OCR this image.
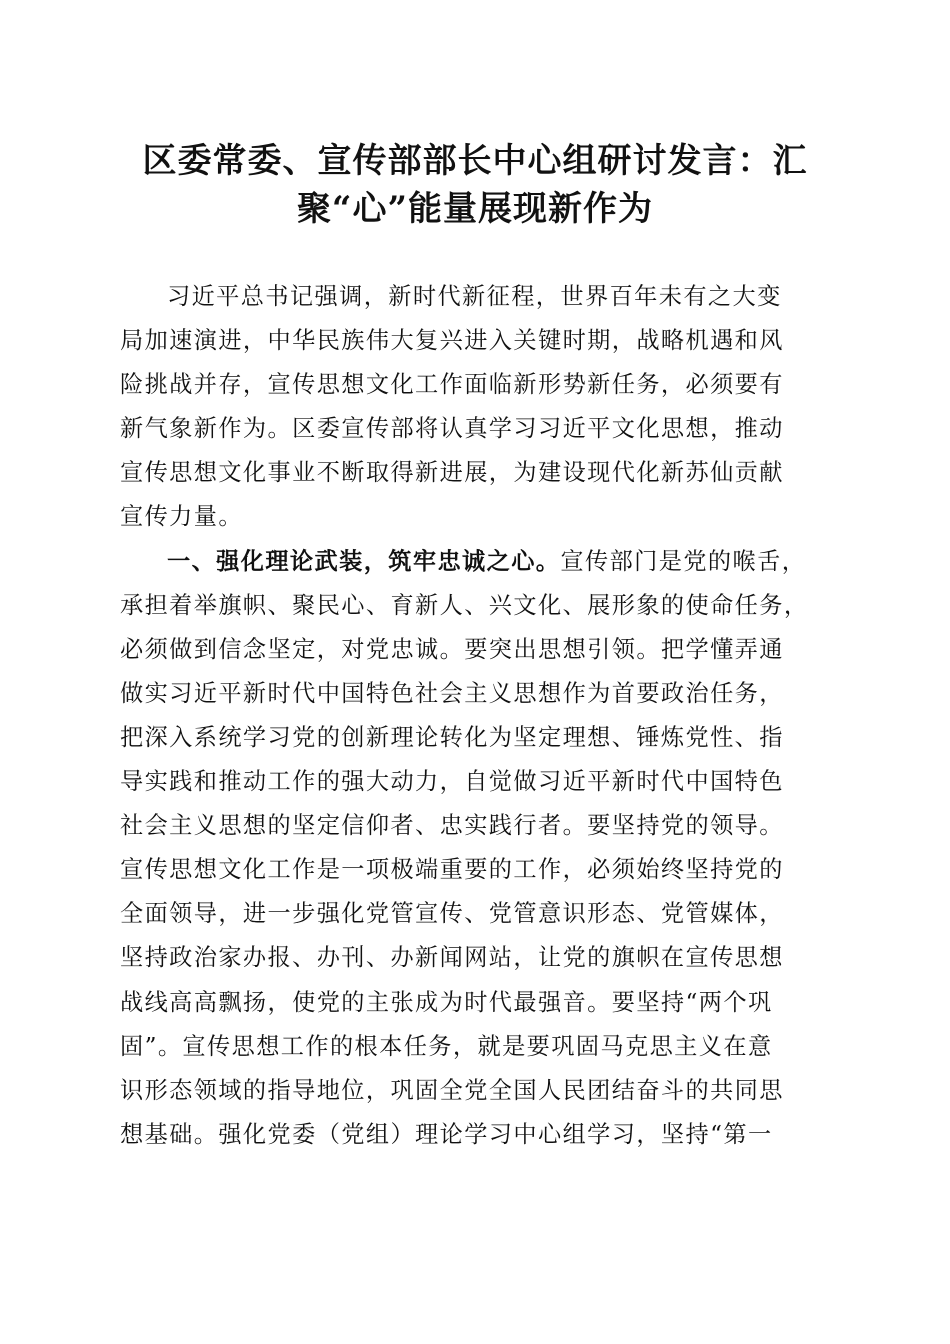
区委常委、宣传部部长中心组研讨发言：汇
聚“心”能量展现新作为
习近平总书记强调，新时代新征程，世界百年未有之大变
局加速演进，中华民族伟大复兴进入关键时期，战略机遇和风
险挑战并存，宣传思想文化工作面临新形势新任务，必须要有
新气象新作为。区委宣传部将认真学习习近平文化思想，推动
宣传思想文化事业不断取得新进展，为建设现代化新苏仙贡献
宣传力量。
一、强化理论武装，筑牢忠诚之心。宣传部门是党的喉舌，
承担着举旗帜、聚民心、育新人、兴文化、展形象的使命任务，
必须做到信念坚定，对党忠诚。要突出思想引领。把学懂弄通
做实习近平新时代中国特色社会主义思想作为首要政治任务，
把深入系统学习党的创新理论转化为坚定理想、锤炼党性、指
导实践和推动工作的强大动力，自觉做习近平新时代中国特色
社会主义思想的坚定信仰者、忠实践行者。要坚持党的领导。
宣传思想文化工作是一项极端重要的工作，必须始终坚持党的
全面领导，进一步强化党管宣传、党管意识形态、党管媒体，
坚持政治家办报、办刊、办新闻网站，让党的旗帜在宣传思想
战线高高飘扬，使党的主张成为时代最强音。要坚持“两个巩
固”。宣传思想工作的根本任务，就是要巩固马克思主义在意
识形态领域的指导地位，巩固全党全国人民团结奋斗的共同思
想基础。强化党委（党组）理论学习中心组学习，坚持“第一
